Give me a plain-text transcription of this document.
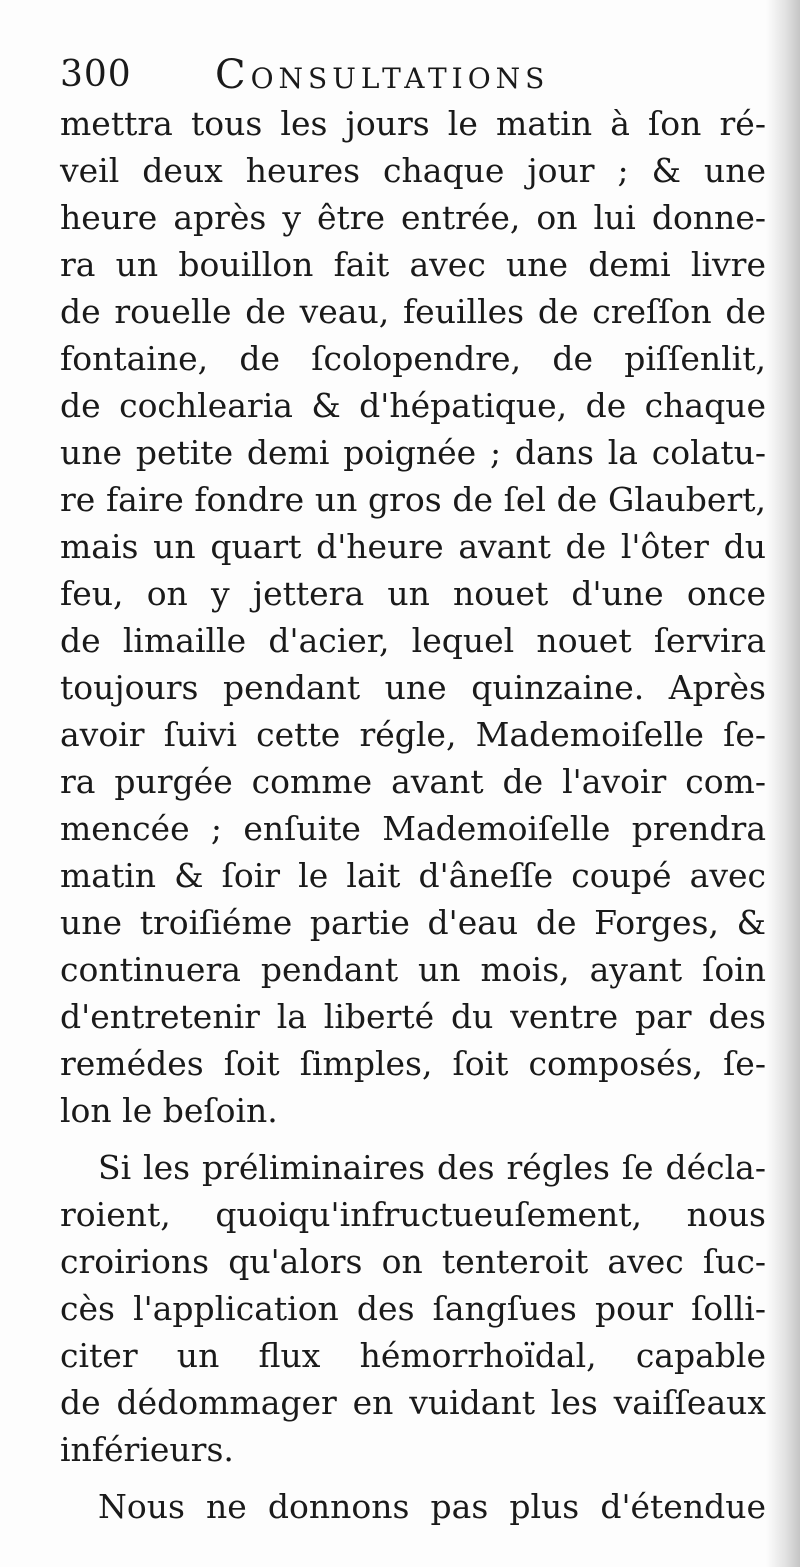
300 Consultations
mettra tous les jours le matin à ſon ré-
veil deux heures chaque jour ; & une
heure après y être entrée, on lui donne-
ra un bouillon fait avec une demi livre
de rouelle de veau, feuilles de creſſon de
fontaine, de ſcolopendre, de piſſenlit,
de cochlearia & d'hépatique, de chaque
une petite demi poignée ; dans la colatu-
re faire fondre un gros de ſel de Glaubert,
mais un quart d'heure avant de l'ôter du
feu, on y jettera un nouet d'une once
de limaille d'acier, lequel nouet ſervira
toujours pendant une quinzaine. Après
avoir ſuivi cette régle, Mademoiſelle ſe-
ra purgée comme avant de l'avoir com-
mencée ; enſuite Mademoiſelle prendra
matin & ſoir le lait d'âneſſe coupé avec
une troiſiéme partie d'eau de Forges, &
continuera pendant un mois, ayant ſoin
d'entretenir la liberté du ventre par des
remédes ſoit ſimples, ſoit composés, ſe-
lon le beſoin.
Si les préliminaires des régles ſe décla-
roient, quoiqu'infructueuſement, nous
croirions qu'alors on tenteroit avec ſuc-
cès l'application des ſangſues pour ſolli-
citer un flux hémorrhoïdal, capable
de dédommager en vuidant les vaiſſeaux
inférieurs.
Nous ne donnons pas plus d'étendue
